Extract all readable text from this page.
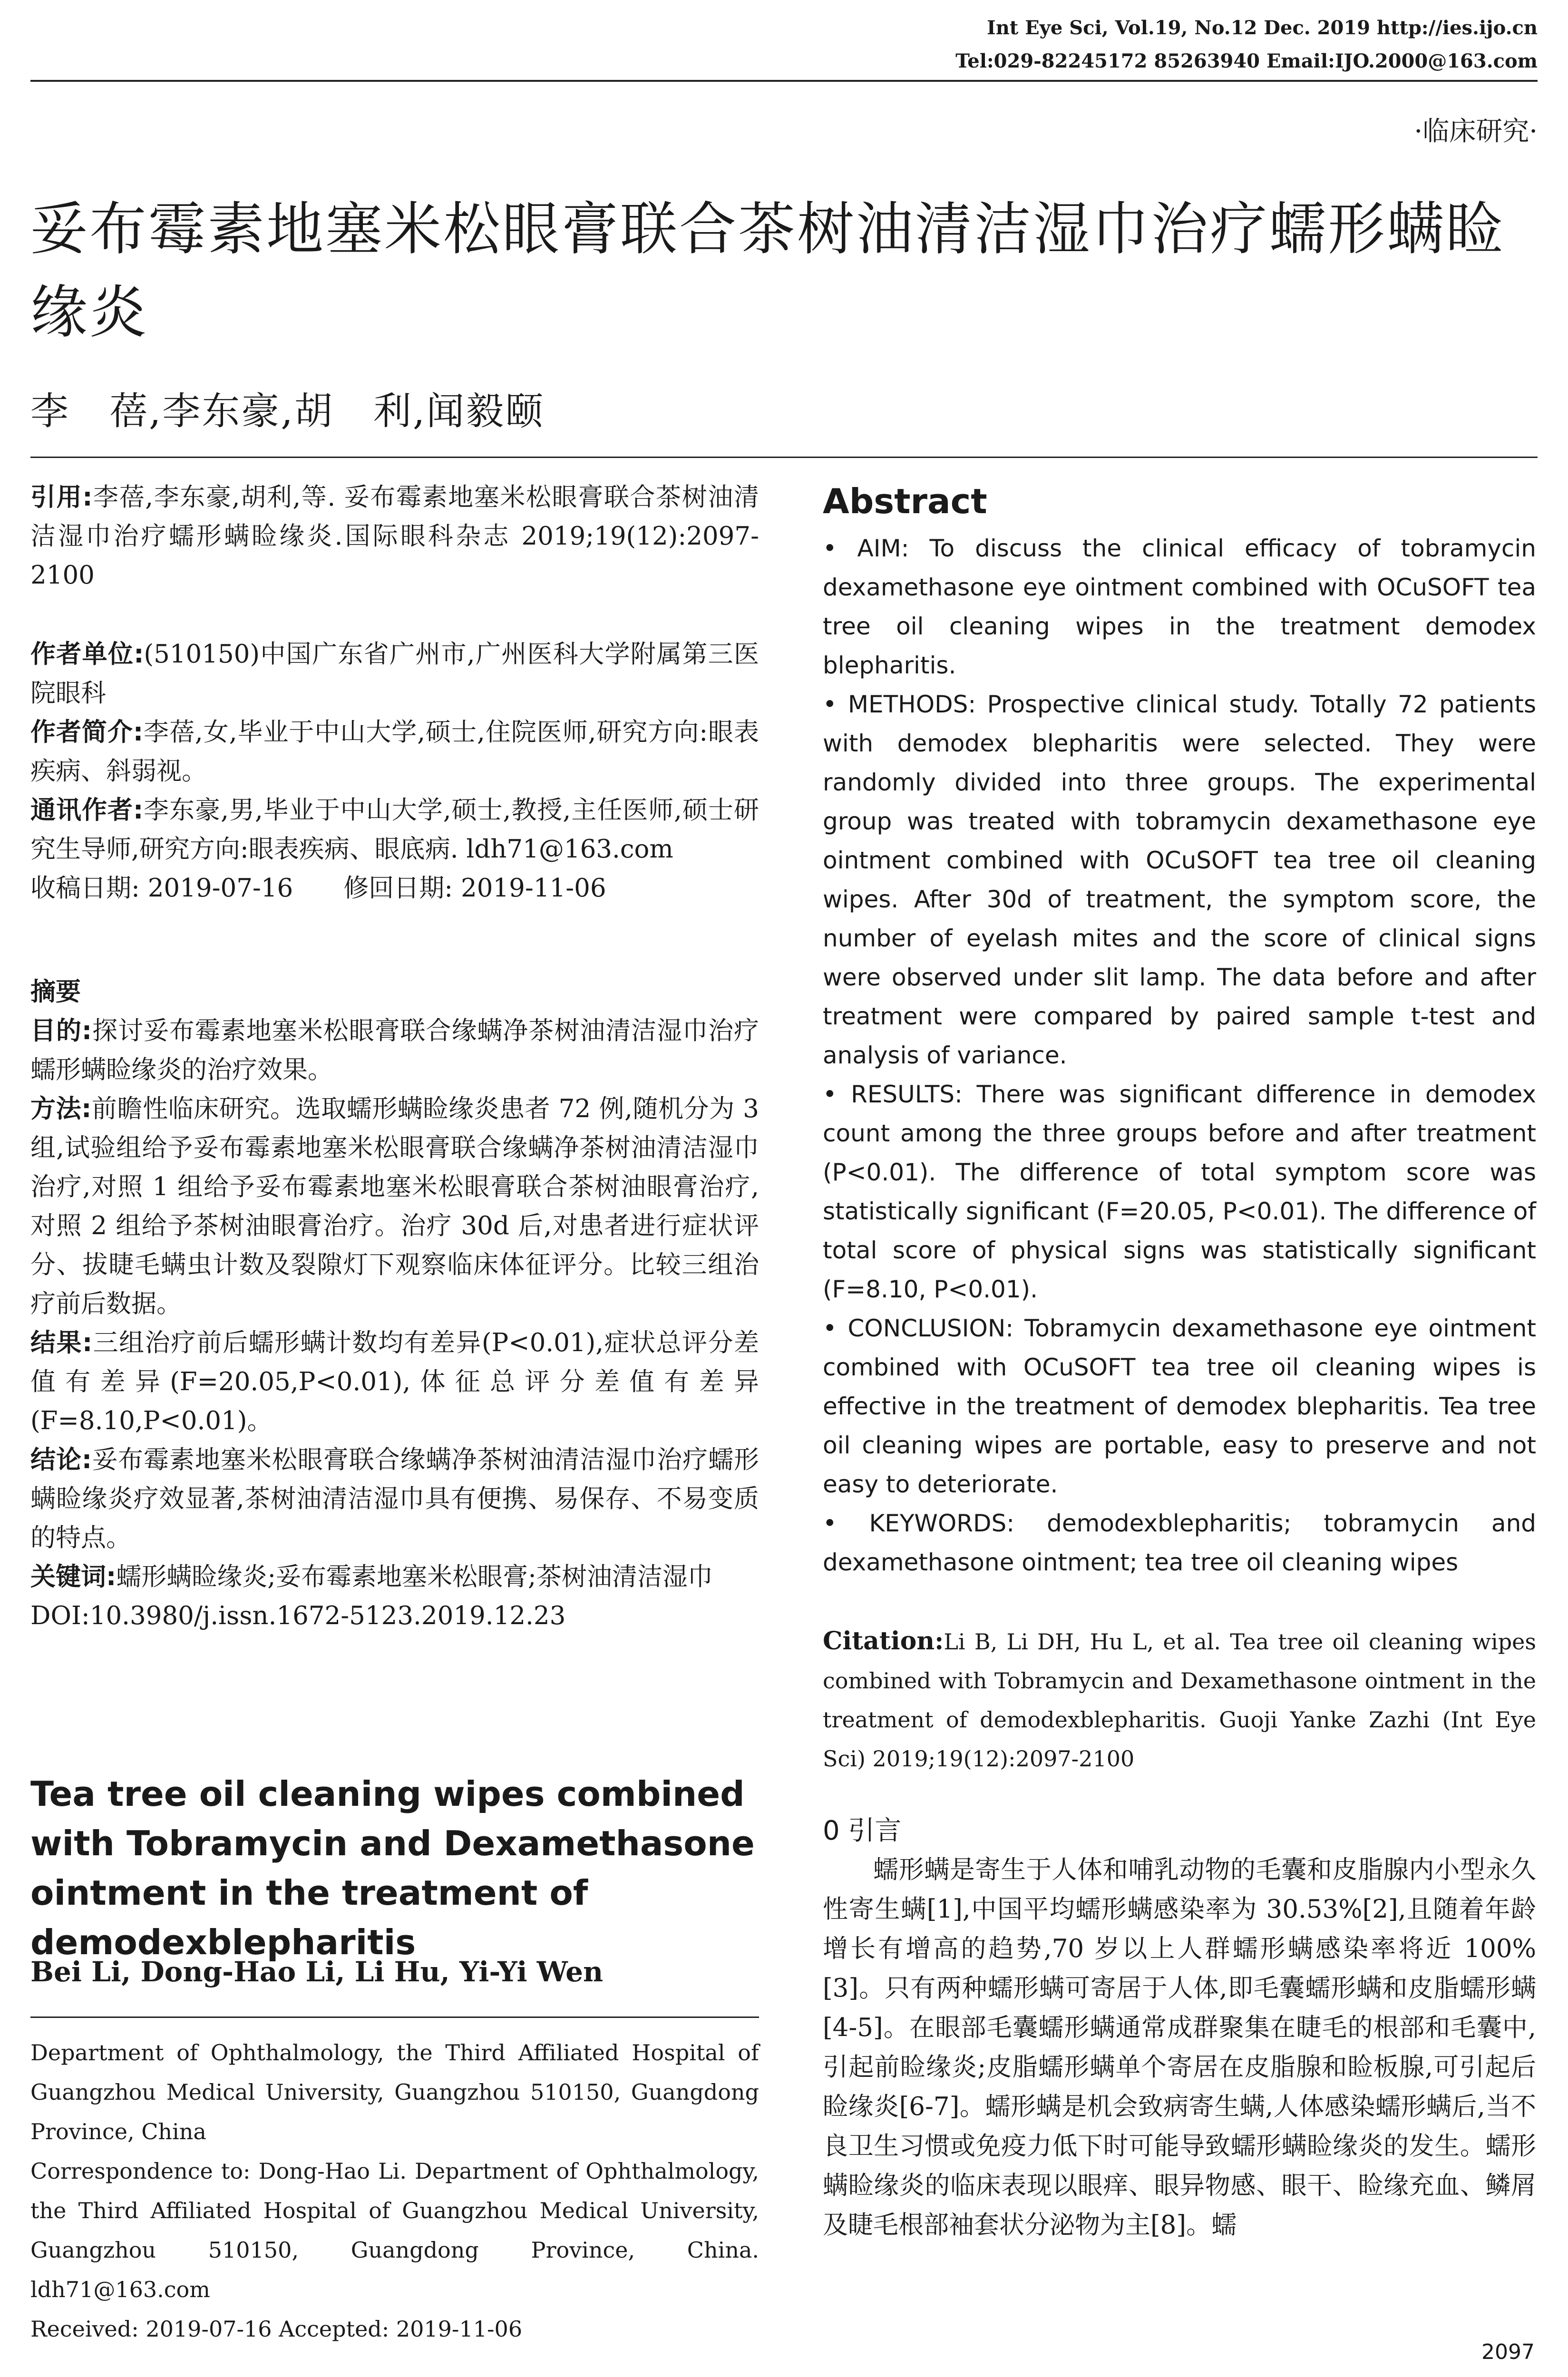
Int Eye Sci, Vol.19, No.12 Dec. 2019 http://ies.ijo.cn
Tel:029-82245172 85263940 Email:IJO.2000@163.com
·临床研究·
妥布霉素地塞米松眼膏联合茶树油清洁湿巾治疗蠕形螨睑缘炎
李　蓓,李东豪,胡　利,闻毅颐

引用:李蓓,李东豪,胡利,等. 妥布霉素地塞米松眼膏联合茶树油清洁湿巾治疗蠕形螨睑缘炎.国际眼科杂志 2019;19(12):2097-2100

作者单位:(510150)中国广东省广州市,广州医科大学附属第三医院眼科

作者简介:李蓓,女,毕业于中山大学,硕士,住院医师,研究方向:眼表疾病、斜弱视。

通讯作者:李东豪,男,毕业于中山大学,硕士,教授,主任医师,硕士研究生导师,研究方向:眼表疾病、眼底病. ldh71@163.com

收稿日期: 2019-07-16　　修回日期: 2019-11-06

摘要

目的:探讨妥布霉素地塞米松眼膏联合缘螨净茶树油清洁湿巾治疗蠕形螨睑缘炎的治疗效果。

方法:前瞻性临床研究。选取蠕形螨睑缘炎患者 72 例,随机分为 3 组,试验组给予妥布霉素地塞米松眼膏联合缘螨净茶树油清洁湿巾治疗,对照 1 组给予妥布霉素地塞米松眼膏联合茶树油眼膏治疗,对照 2 组给予茶树油眼膏治疗。治疗 30d 后,对患者进行症状评分、拔睫毛螨虫计数及裂隙灯下观察临床体征评分。比较三组治疗前后数据。

结果:三组治疗前后蠕形螨计数均有差异(P<0.01),症状总评分差值有差异(F=20.05,P<0.01),体征总评分差值有差异(F=8.10,P<0.01)。

结论:妥布霉素地塞米松眼膏联合缘螨净茶树油清洁湿巾治疗蠕形螨睑缘炎疗效显著,茶树油清洁湿巾具有便携、易保存、不易变质的特点。

关键词:蠕形螨睑缘炎;妥布霉素地塞米松眼膏;茶树油清洁湿巾

DOI:10.3980/j.issn.1672-5123.2019.12.23

Tea tree oil cleaning wipes combined with Tobramycin and Dexamethasone ointment in the treatment of demodexblepharitis
Bei Li, Dong-Hao Li, Li Hu, Yi-Yi Wen

Department of Ophthalmology, the Third Affiliated Hospital of Guangzhou Medical University, Guangzhou 510150, Guangdong Province, China

Correspondence to: Dong-Hao Li. Department of Ophthalmology, the Third Affiliated Hospital of Guangzhou Medical University, Guangzhou 510150, Guangdong Province, China. ldh71@163.com

Received: 2019-07-16 Accepted: 2019-11-06

Abstract

• AIM: To discuss the clinical efficacy of tobramycin dexamethasone eye ointment combined with OCuSOFT tea tree oil cleaning wipes in the treatment demodex blepharitis.

• METHODS: Prospective clinical study. Totally 72 patients with demodex blepharitis were selected. They were randomly divided into three groups. The experimental group was treated with tobramycin dexamethasone eye ointment combined with OCuSOFT tea tree oil cleaning wipes. After 30d of treatment, the symptom score, the number of eyelash mites and the score of clinical signs were observed under slit lamp. The data before and after treatment were compared by paired sample t-test and analysis of variance.

• RESULTS: There was significant difference in demodex count among the three groups before and after treatment (P<0.01). The difference of total symptom score was statistically significant (F=20.05, P<0.01). The difference of total score of physical signs was statistically significant (F=8.10, P<0.01).

• CONCLUSION: Tobramycin dexamethasone eye ointment combined with OCuSOFT tea tree oil cleaning wipes is effective in the treatment of demodex blepharitis. Tea tree oil cleaning wipes are portable, easy to preserve and not easy to deteriorate.

• KEYWORDS: demodexblepharitis; tobramycin and dexamethasone ointment; tea tree oil cleaning wipes

Citation:Li B, Li DH, Hu L, et al. Tea tree oil cleaning wipes combined with Tobramycin and Dexamethasone ointment in the treatment of demodexblepharitis. Guoji Yanke Zazhi (Int Eye Sci) 2019;19(12):2097-2100
0 引言
蠕形螨是寄生于人体和哺乳动物的毛囊和皮脂腺内小型永久性寄生螨[1],中国平均蠕形螨感染率为 30.53%[2],且随着年龄增长有增高的趋势,70 岁以上人群蠕形螨感染率将近 100%[3]。只有两种蠕形螨可寄居于人体,即毛囊蠕形螨和皮脂蠕形螨[4-5]。在眼部毛囊蠕形螨通常成群聚集在睫毛的根部和毛囊中,引起前睑缘炎;皮脂蠕形螨单个寄居在皮脂腺和睑板腺,可引起后睑缘炎[6-7]。蠕形螨是机会致病寄生螨,人体感染蠕形螨后,当不良卫生习惯或免疫力低下时可能导致蠕形螨睑缘炎的发生。蠕形螨睑缘炎的临床表现以眼痒、眼异物感、眼干、睑缘充血、鳞屑及睫毛根部袖套状分泌物为主[8]。蠕
2097
